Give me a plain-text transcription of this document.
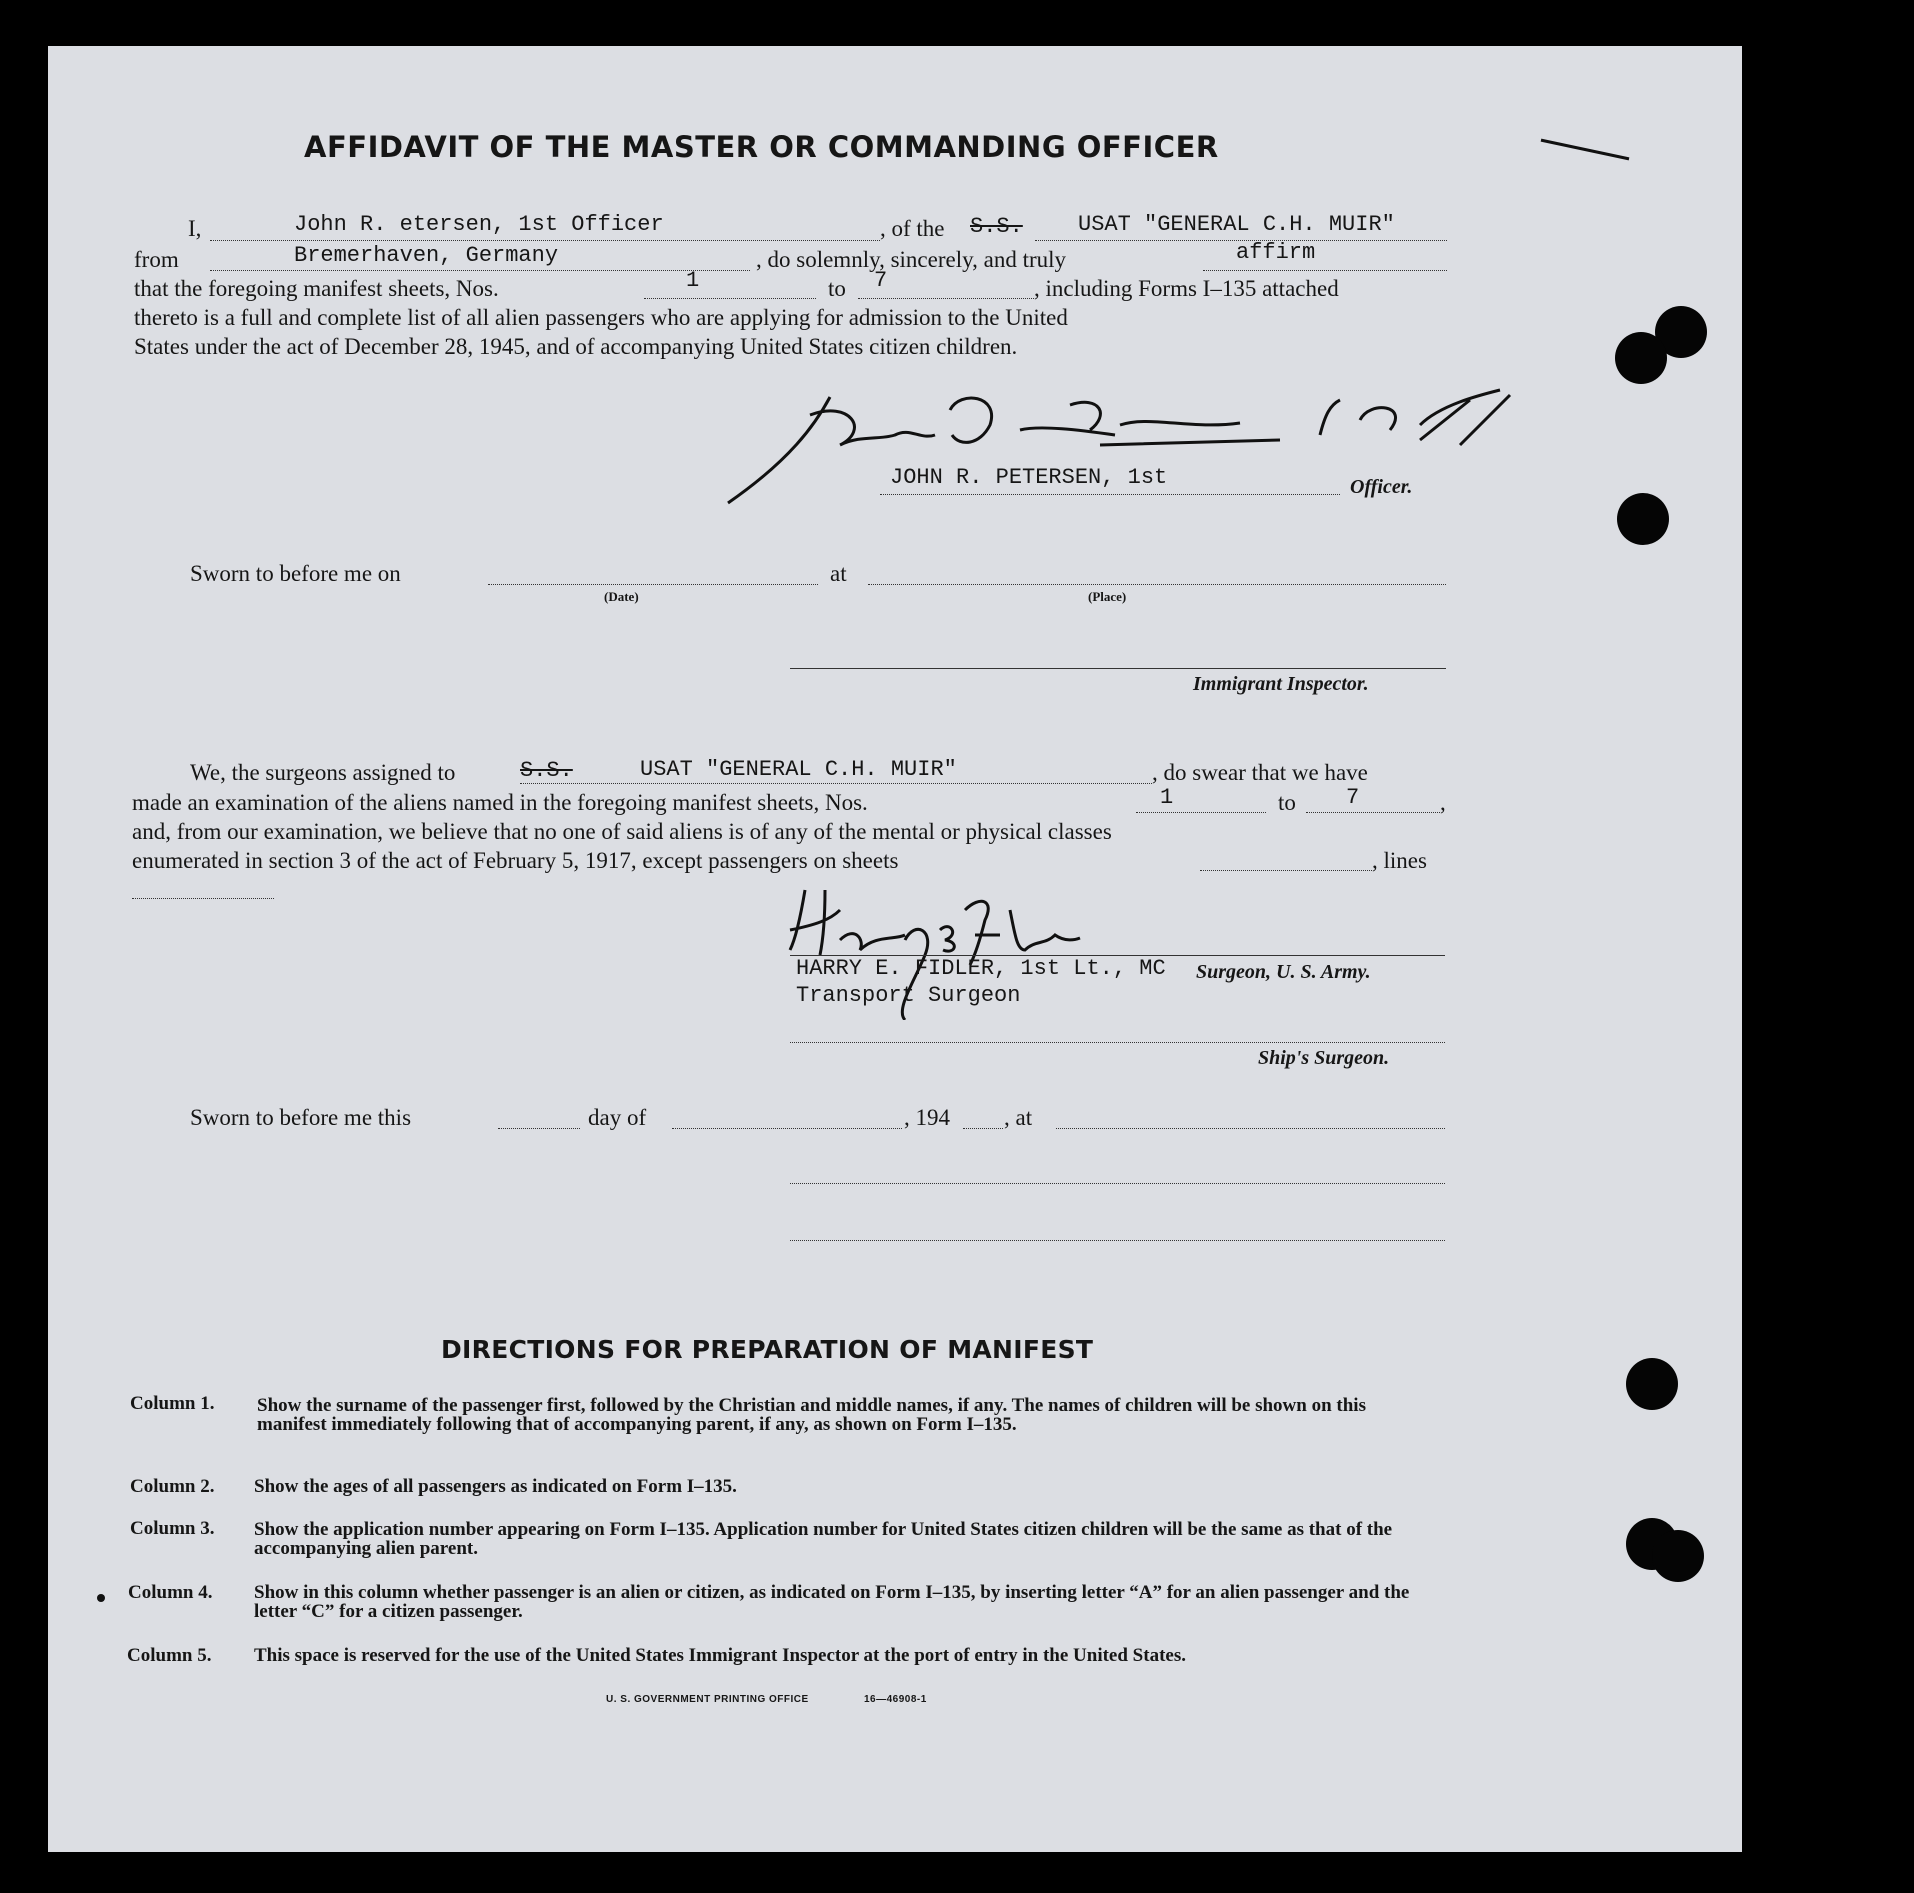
AFFIDAVIT OF THE MASTER OR COMMANDING OFFICER
I,	John R. etersen, 1st Officer	, of the S.S.	USAT "GENERAL C.H. MUIR"
from	Bremerhaven, Germany	, do solemnly, sincerely, and truly	affirm
that the foregoing manifest sheets, Nos.	1	to 7	, including Forms I–135 attached
thereto is a full and complete list of all alien passengers who are applying for admission to the United
States under the act of December 28, 1945, and of accompanying United States citizen children.
JOHN R. PETERSEN, 1st	Officer.
Sworn to before me on
(Date)
at
(Place)
Immigrant Inspector.
We, the surgeons assigned to	S.S.	USAT "GENERAL C.H. MUIR"	, do swear that we have
made an examination of the aliens named in the foregoing manifest sheets, Nos.	1	to 7	,
and, from our examination, we believe that no one of said aliens is of any of the mental or physical classes
enumerated in section 3 of the act of February 5, 1917, except passengers on sheets	, lines
HARRY E. FIDLER, 1st Lt., MC Surgeon, U. S. Army.
Transport Surgeon
Ship's Surgeon.
Sworn to before me this	day of	, 194 , at
DIRECTIONS FOR PREPARATION OF MANIFEST
Column 1. Show the surname of the passenger first, followed by the Christian and middle names, if any. The names of children will be shown on this manifest immediately following that of accompanying parent, if any, as shown on Form I–135.
Column 2. Show the ages of all passengers as indicated on Form I–135.
Column 3. Show the application number appearing on Form I–135. Application number for United States citizen children will be the same as that of the accompanying alien parent.
Column 4. Show in this column whether passenger is an alien or citizen, as indicated on Form I–135, by inserting letter “A” for an alien passenger and the letter “C” for a citizen passenger.
Column 5. This space is reserved for the use of the United States Immigrant Inspector at the port of entry in the United States.
U. S. GOVERNMENT PRINTING OFFICE	16—46908-1
